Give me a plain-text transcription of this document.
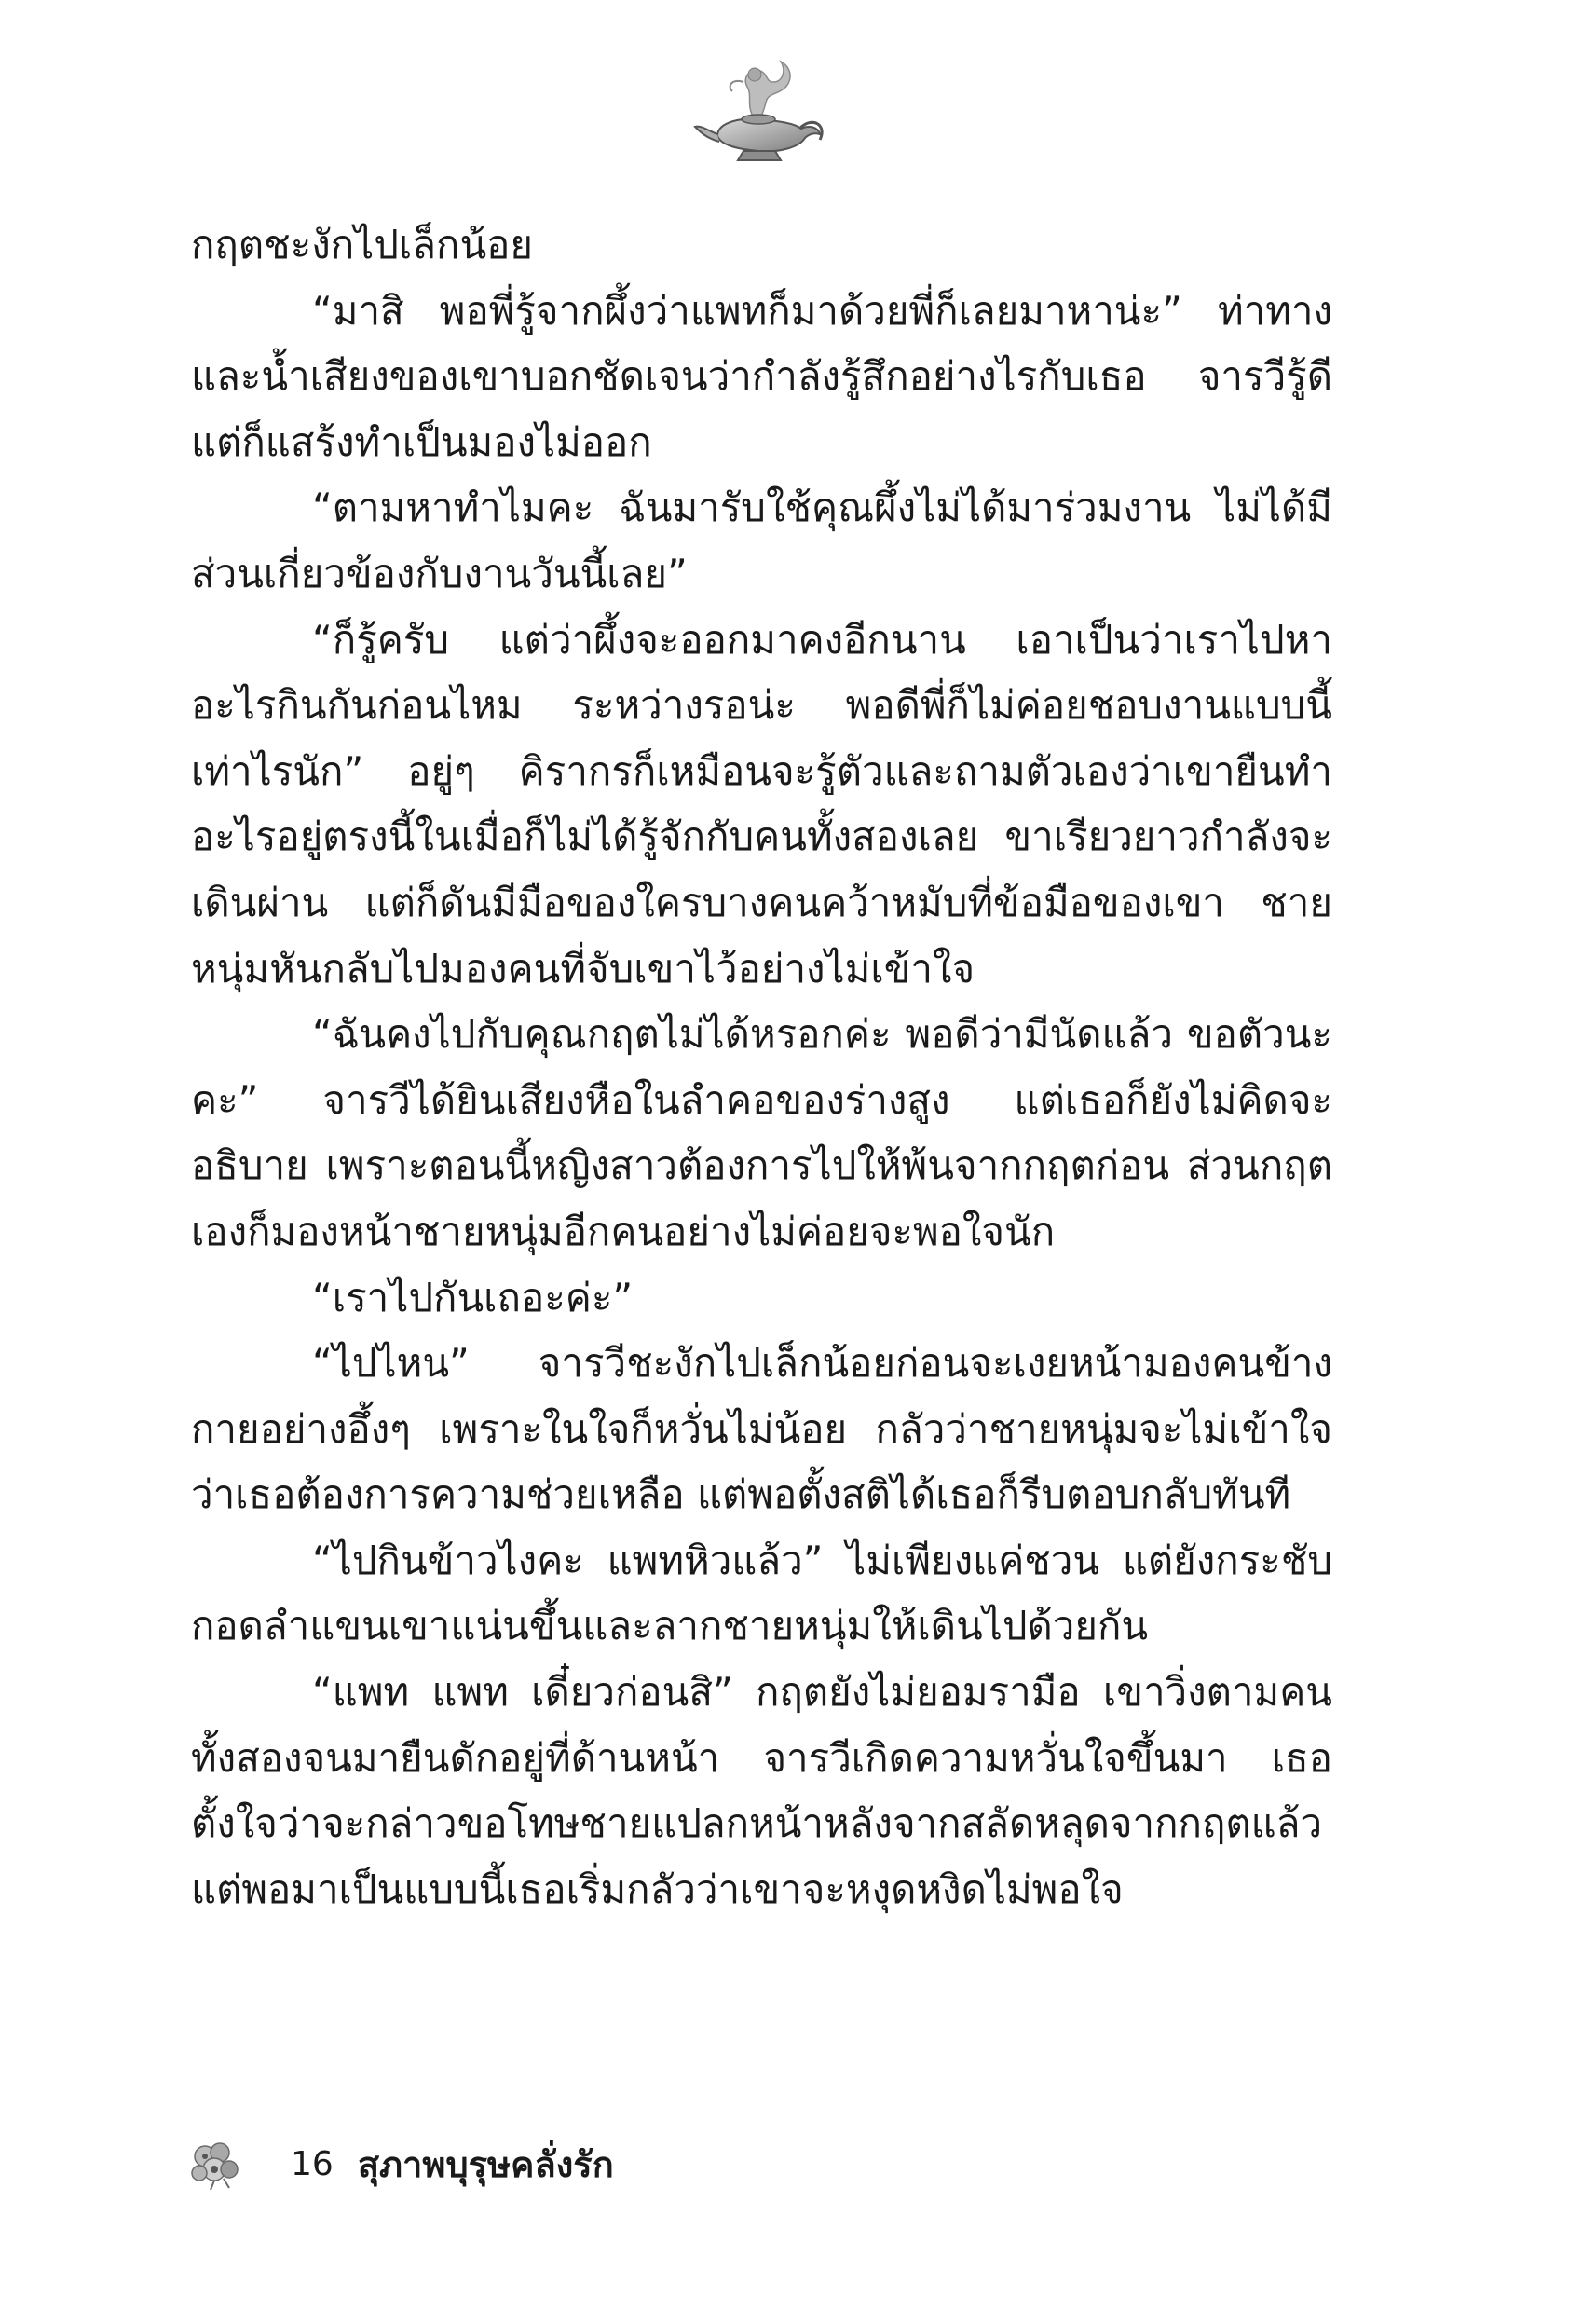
กฤตชะงักไปเล็กน้อย

“มาสิ พอพี่รู้จากผึ้งว่าแพทก็มาด้วยพี่ก็เลยมาหาน่ะ” ท่าทางและน้ำเสียงของเขาบอกชัดเจนว่ากำลังรู้สึกอย่างไรกับเธอ จารวีรู้ดีแต่ก็แสร้งทำเป็นมองไม่ออก

“ตามหาทำไมคะ ฉันมารับใช้คุณผึ้งไม่ได้มาร่วมงาน ไม่ได้มีส่วนเกี่ยวข้องกับงานวันนี้เลย”

“ก็รู้ครับ แต่ว่าผึ้งจะออกมาคงอีกนาน เอาเป็นว่าเราไปหาอะไรกินกันก่อนไหม ระหว่างรอน่ะ พอดีพี่ก็ไม่ค่อยชอบงานแบบนี้เท่าไรนัก” อยู่ๆ คิรากรก็เหมือนจะรู้ตัวและถามตัวเองว่าเขายืนทำอะไรอยู่ตรงนี้ในเมื่อก็ไม่ได้รู้จักกับคนทั้งสองเลย ขาเรียวยาวกำลังจะเดินผ่าน แต่ก็ดันมีมือของใครบางคนคว้าหมับที่ข้อมือของเขา ชายหนุ่มหันกลับไปมองคนที่จับเขาไว้อย่างไม่เข้าใจ

“ฉันคงไปกับคุณกฤตไม่ได้หรอกค่ะ พอดีว่ามีนัดแล้ว ขอตัวนะคะ” จารวีได้ยินเสียงหือในลำคอของร่างสูง แต่เธอก็ยังไม่คิดจะอธิบาย เพราะตอนนี้หญิงสาวต้องการไปให้พ้นจากกฤตก่อน ส่วนกฤตเองก็มองหน้าชายหนุ่มอีกคนอย่างไม่ค่อยจะพอใจนัก

“เราไปกันเถอะค่ะ”

“ไปไหน” จารวีชะงักไปเล็กน้อยก่อนจะเงยหน้ามองคนข้างกายอย่างอึ้งๆ เพราะในใจก็หวั่นไม่น้อย กลัวว่าชายหนุ่มจะไม่เข้าใจว่าเธอต้องการความช่วยเหลือ แต่พอตั้งสติได้เธอก็รีบตอบกลับทันที

“ไปกินข้าวไงคะ แพทหิวแล้ว” ไม่เพียงแค่ชวน แต่ยังกระชับกอดลำแขนเขาแน่นขึ้นและลากชายหนุ่มให้เดินไปด้วยกัน

“แพท แพท เดี๋ยวก่อนสิ” กฤตยังไม่ยอมรามือ เขาวิ่งตามคนทั้งสองจนมายืนดักอยู่ที่ด้านหน้า จารวีเกิดความหวั่นใจขึ้นมา เธอตั้งใจว่าจะกล่าวขอโทษชายแปลกหน้าหลังจากสลัดหลุดจากกฤตแล้วแต่พอมาเป็นแบบนี้เธอเริ่มกลัวว่าเขาจะหงุดหงิดไม่พอใจ

16 สุภาพบุรุษคลั่งรัก
